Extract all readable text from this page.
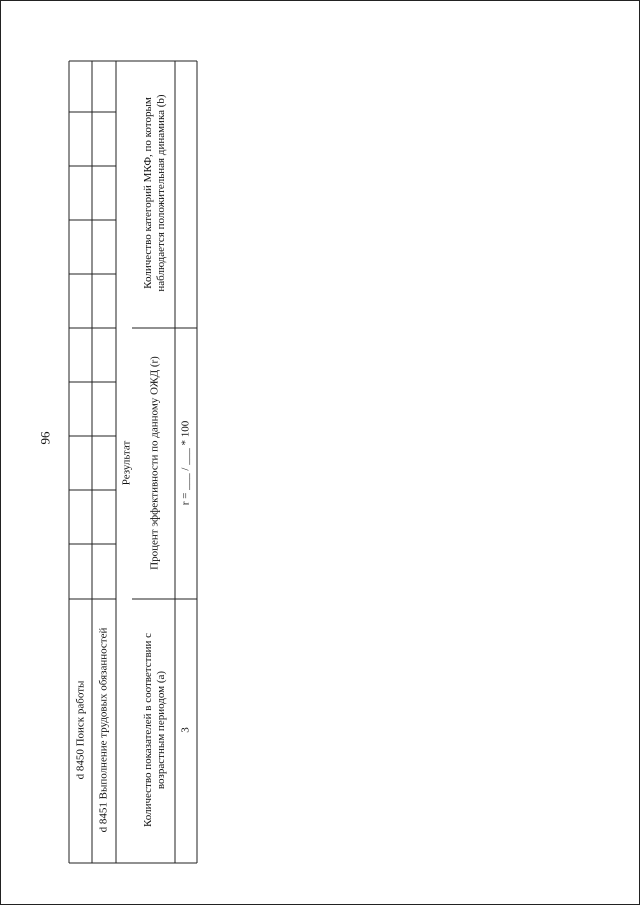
96
d 8450 Поиск работы d 8451 Выполнение трудовых обязанностей
Результат
Количество показателей в соответствии с возрастным периодом (a)
Процент эффективности по данному ОЖД (r)
Количество категорий МКФ, по которым наблюдается положительная динамика (b)
3
r = ___ / ___ * 100
